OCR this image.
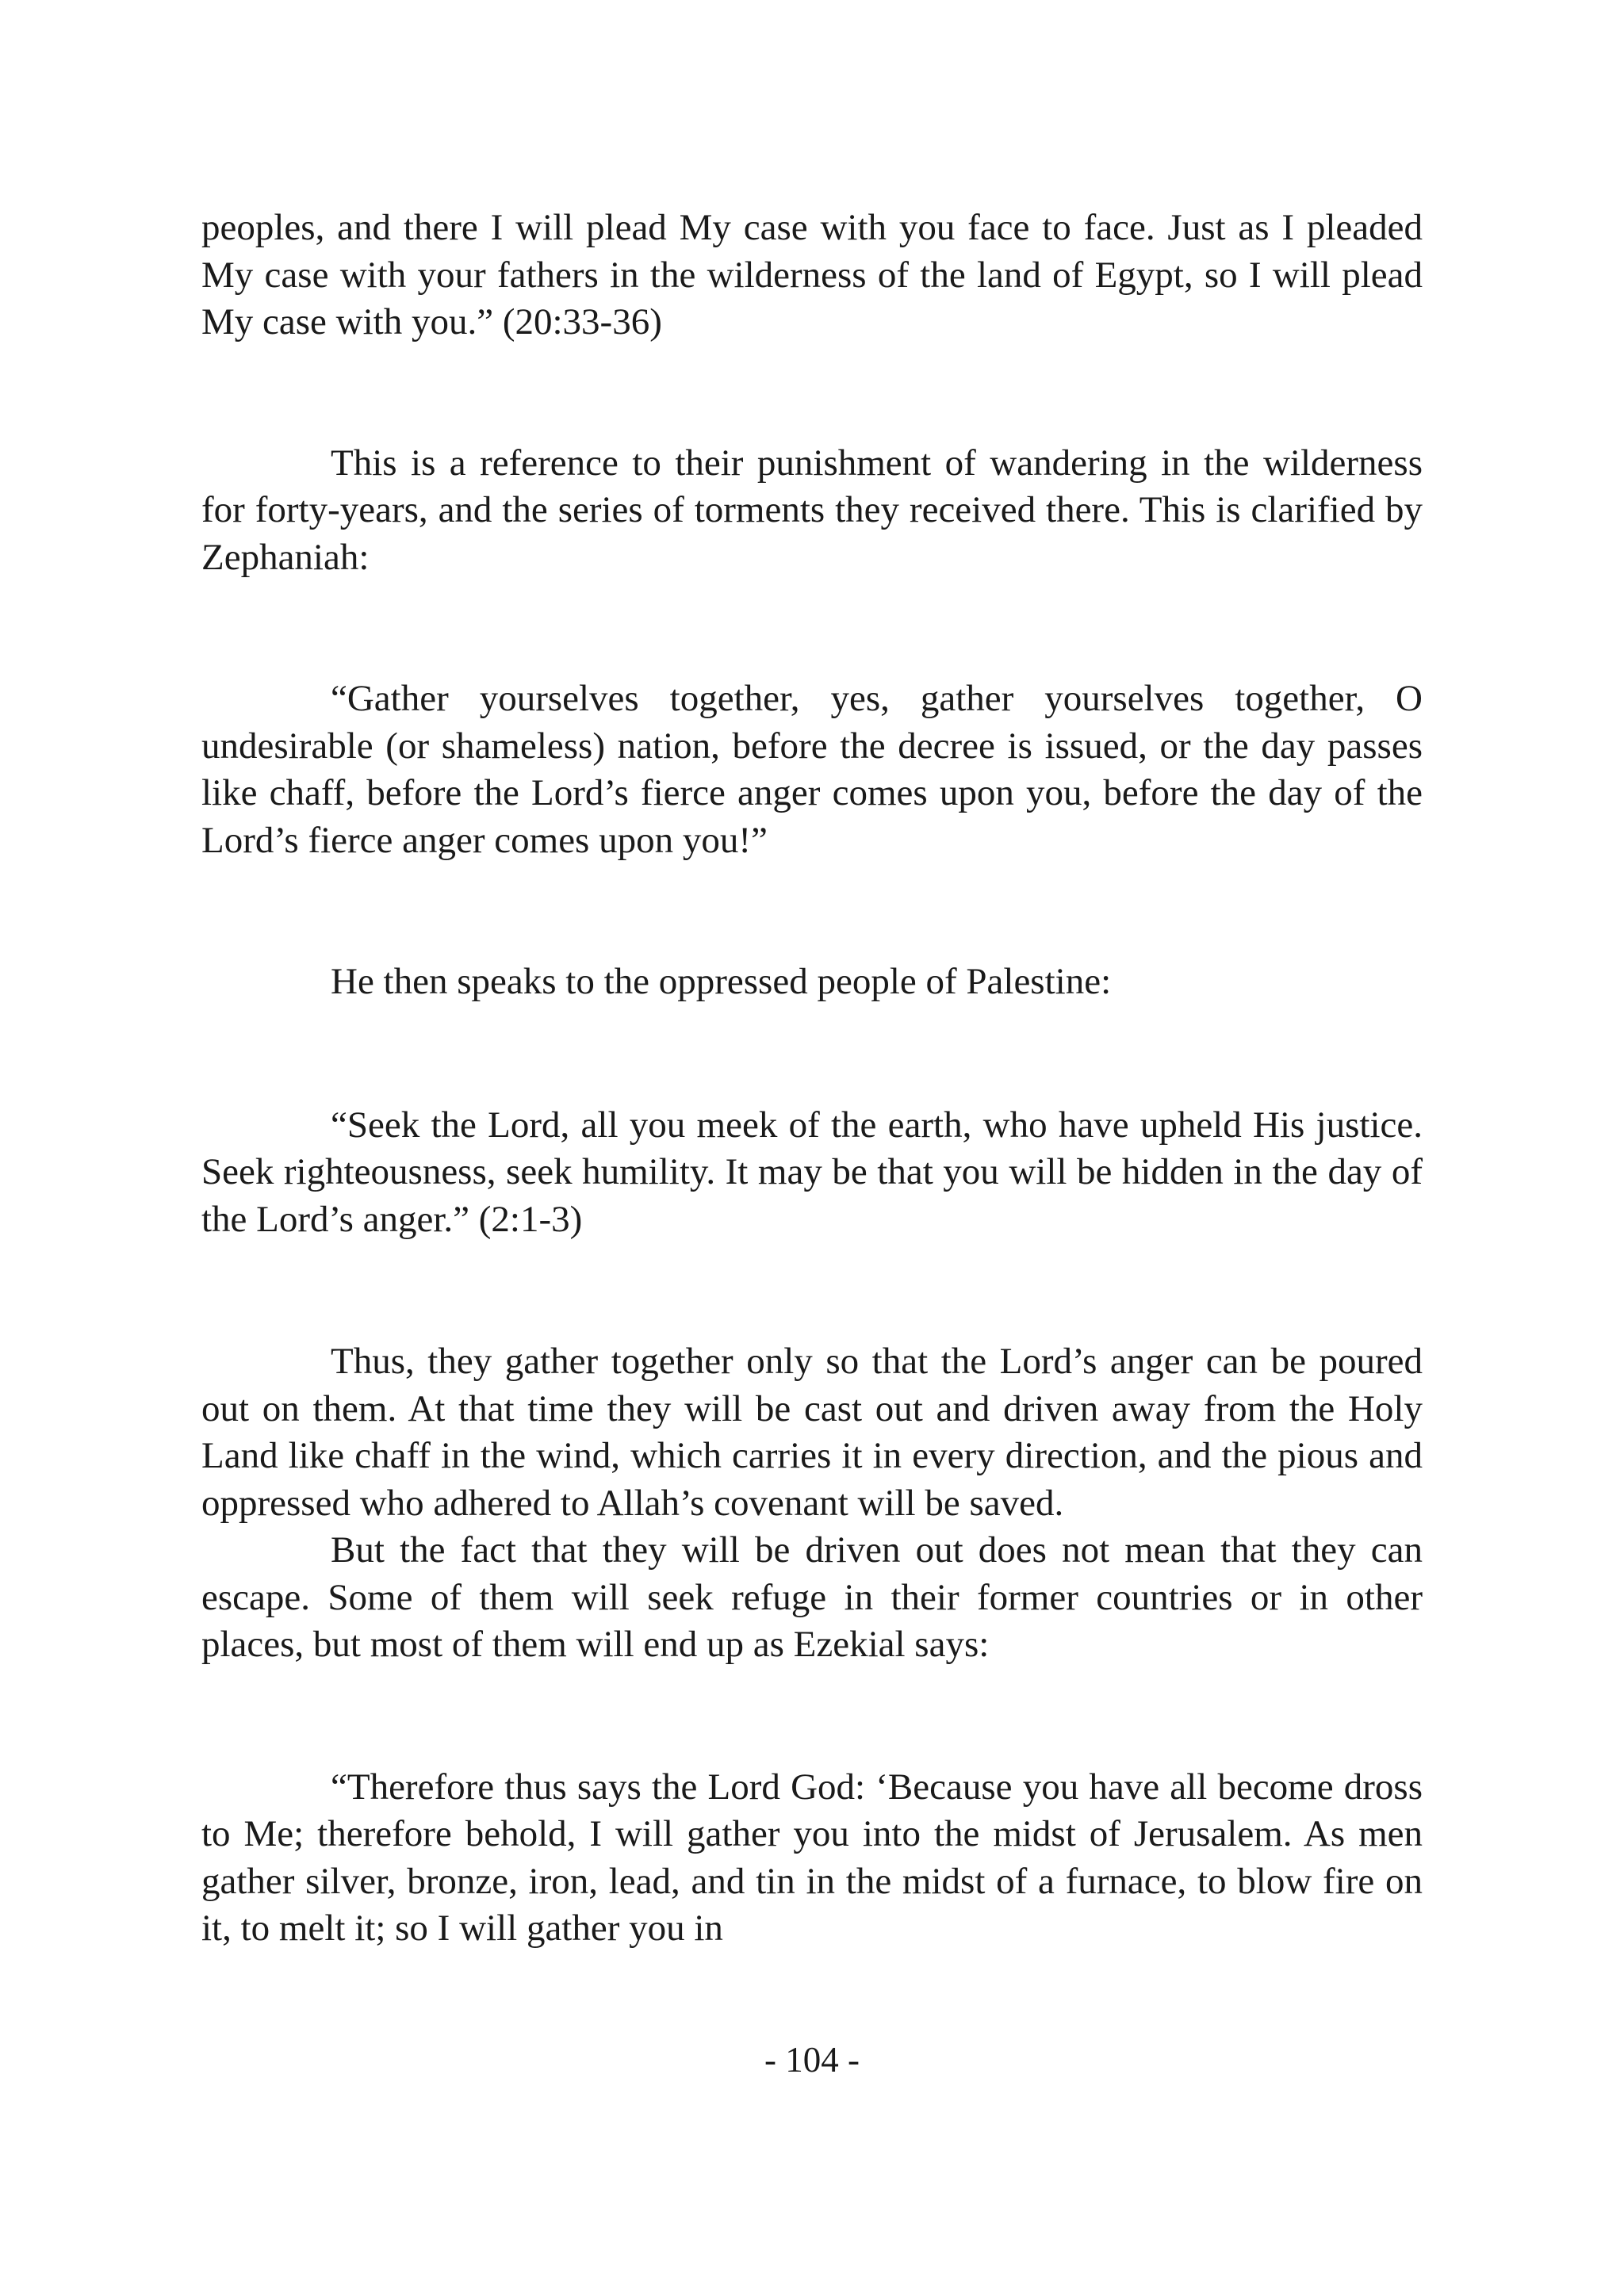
peoples, and there I will plead My case with you face to face. Just as I pleaded My case with your fathers in the wilderness of the land of Egypt, so I will plead My case with you.” (20:33-36)

This is a reference to their punishment of wandering in the wilderness for forty-years, and the series of torments they received there. This is clarified by Zephaniah:

“Gather yourselves together, yes, gather yourselves together, O undesirable (or shameless) nation, before the decree is issued, or the day passes like chaff, before the Lord’s fierce anger comes upon you, before the day of the Lord’s fierce anger comes upon you!”

He then speaks to the oppressed people of Palestine:

“Seek the Lord, all you meek of the earth, who have upheld His justice. Seek righteousness, seek humility. It may be that you will be hidden in the day of the Lord’s anger.” (2:1-3)

Thus, they gather together only so that the Lord’s anger can be poured out on them. At that time they will be cast out and driven away from the Holy Land like chaff in the wind, which carries it in every direction, and the pious and oppressed who adhered to Allah’s covenant will be saved.

But the fact that they will be driven out does not mean that they can escape. Some of them will seek refuge in their former countries or in other places, but most of them will end up as Ezekial says:

“Therefore thus says the Lord God: ‘Because you have all become dross to Me; therefore behold, I will gather you into the midst of Jerusalem. As men gather silver, bronze, iron, lead, and tin in the midst of a furnace, to blow fire on it, to melt it; so I will gather you in

- 104 -
